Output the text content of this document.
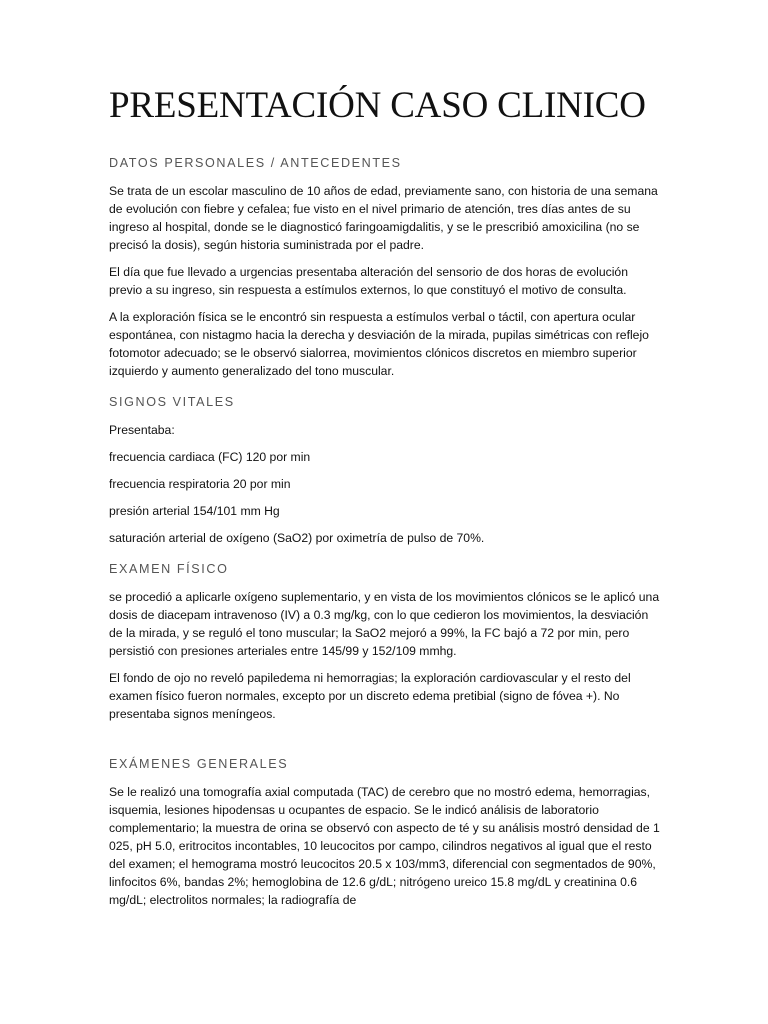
PRESENTACIÓN CASO CLINICO
DATOS PERSONALES / ANTECEDENTES

Se trata de un escolar masculino de 10 años de edad, previamente sano, con historia de una semana de evolución con fiebre y cefalea; fue visto en el nivel primario de atención, tres días antes de su ingreso al hospital, donde se le diagnosticó faringoamigdalitis, y se le prescribió amoxicilina (no se precisó la dosis), según historia suministrada por el padre.

El día que fue llevado a urgencias presentaba alteración del sensorio de dos horas de evolución previo a su ingreso, sin respuesta a estímulos externos, lo que constituyó el motivo de consulta.

A la exploración física se le encontró sin respuesta a estímulos verbal o táctil, con apertura ocular espontánea, con nistagmo hacia la derecha y desviación de la mirada, pupilas simétricas con reflejo fotomotor adecuado; se le observó sialorrea, movimientos clónicos discretos en miembro superior izquierdo y aumento generalizado del tono muscular.

SIGNOS VITALES

Presentaba:

frecuencia cardiaca (FC) 120 por min

frecuencia respiratoria 20 por min

presión arterial 154/101 mm Hg

saturación arterial de oxígeno (SaO2) por oximetría de pulso de 70%.

EXAMEN FÍSICO

se procedió a aplicarle oxígeno suplementario, y en vista de los movimientos clónicos se le aplicó una dosis de diacepam intravenoso (IV) a 0.3 mg/kg, con lo que cedieron los movimientos, la desviación de la mirada, y se reguló el tono muscular; la SaO2 mejoró a 99%, la FC bajó a 72 por min, pero persistió con presiones arteriales entre 145/99 y 152/109 mmhg.

El fondo de ojo no reveló papiledema ni hemorragias; la exploración cardiovascular y el resto del examen físico fueron normales, excepto por un discreto edema pretibial (signo de fóvea +). No presentaba signos meníngeos.

EXÁMENES GENERALES

Se le realizó una tomografía axial computada (TAC) de cerebro que no mostró edema, hemorragias, isquemia, lesiones hipodensas u ocupantes de espacio. Se le indicó análisis de laboratorio complementario; la muestra de orina se observó con aspecto de té y su análisis mostró densidad de 1 025, pH 5.0, eritrocitos incontables, 10 leucocitos por campo, cilindros negativos al igual que el resto del examen; el hemograma mostró leucocitos 20.5 x 103/mm3, diferencial con segmentados de 90%, linfocitos 6%, bandas 2%; hemoglobina de 12.6 g/dL; nitrógeno ureico 15.8 mg/dL y creatinina 0.6 mg/dL; electrolitos normales; la radiografía de
